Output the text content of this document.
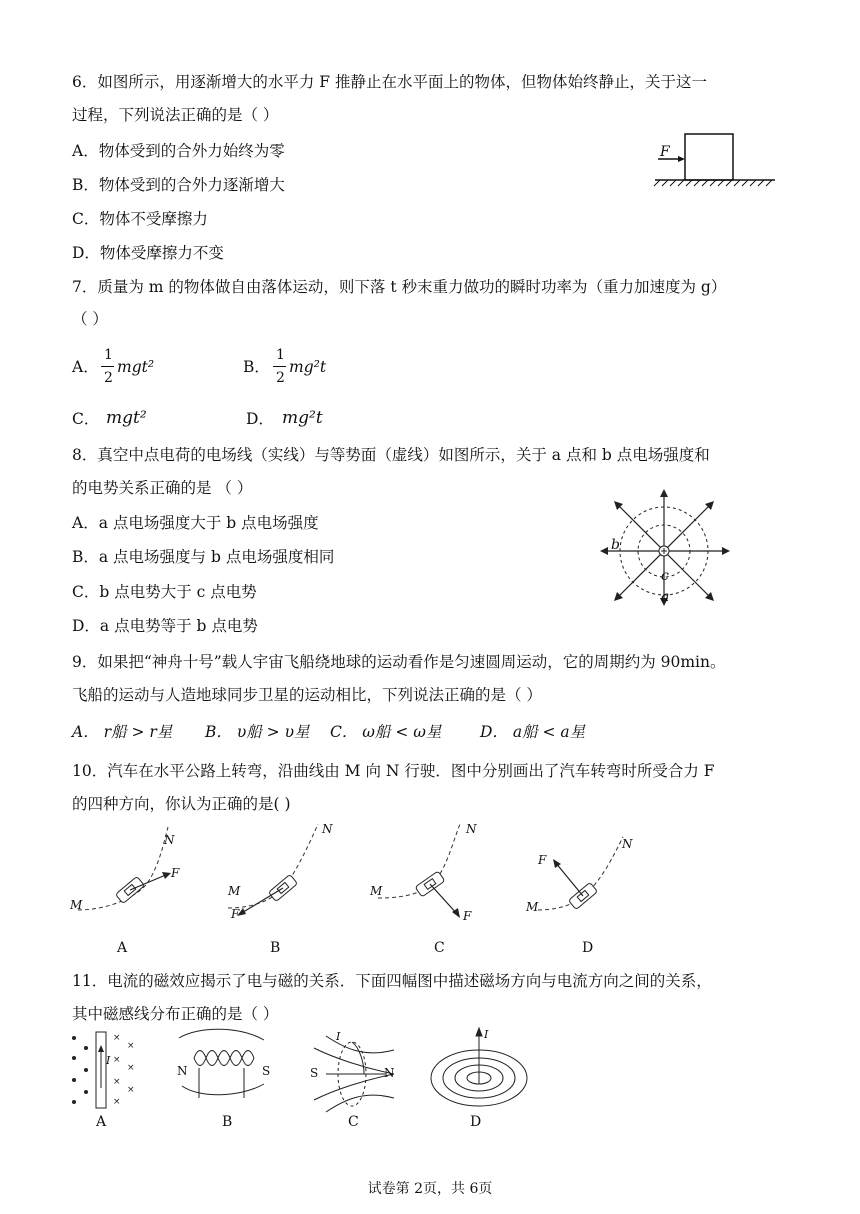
6．如图所示，用逐渐增大的水平力 F 推静止在水平面上的物体，但物体始终静止，关于这一
过程，下列说法正确的是（ ）
A．物体受到的合外力始终为零
B．物体受到的合外力逐渐增大
C．物体不受摩擦力
D．物体受摩擦力不变
F
7．质量为 m 的物体做自由落体运动，则下落 t 秒末重力做功的瞬时功率为（重力加速度为 g）
（ ）
A．
1
2
mgt²	B．
1
2
mg²t
C． mgt²	D． mg²t
8．真空中点电荷的电场线（实线）与等势面（虚线）如图所示，关于 a 点和 b 点电场强度和
的电势关系正确的是 （ ）
A．a 点电场强度大于 b 点电场强度
B．a 点电场强度与 b 点电场强度相同
C．b 点电势大于 c 点电势
D．a 点电势等于 b 点电势
b
c
a
9．如果把“神舟十号”载人宇宙飞船绕地球的运动看作是匀速圆周运动，它的周期约为 90min。
飞船的运动与人造地球同步卫星的运动相比，下列说法正确的是（ ）
A． r船 > r星 B． υ船 > υ星 C． ω船 < ω星 D． a船 < a星
10．汽车在水平公路上转弯，沿曲线由 M 向 N 行驶．图中分别画出了汽车转弯时所受合力 F
的四种方向，你认为正确的是( )
M
N
F
M
N
F
M
N
F
M
N
F
A	B	C	D
11．电流的磁效应揭示了电与磁的关系．下面四幅图中描述磁场方向与电流方向之间的关系，
其中磁感线分布正确的是（ ）
×
×
×
×
×
×
×
I
N	S
I
S	N
I
A	B	C	D
试卷第 2页，共 6页
